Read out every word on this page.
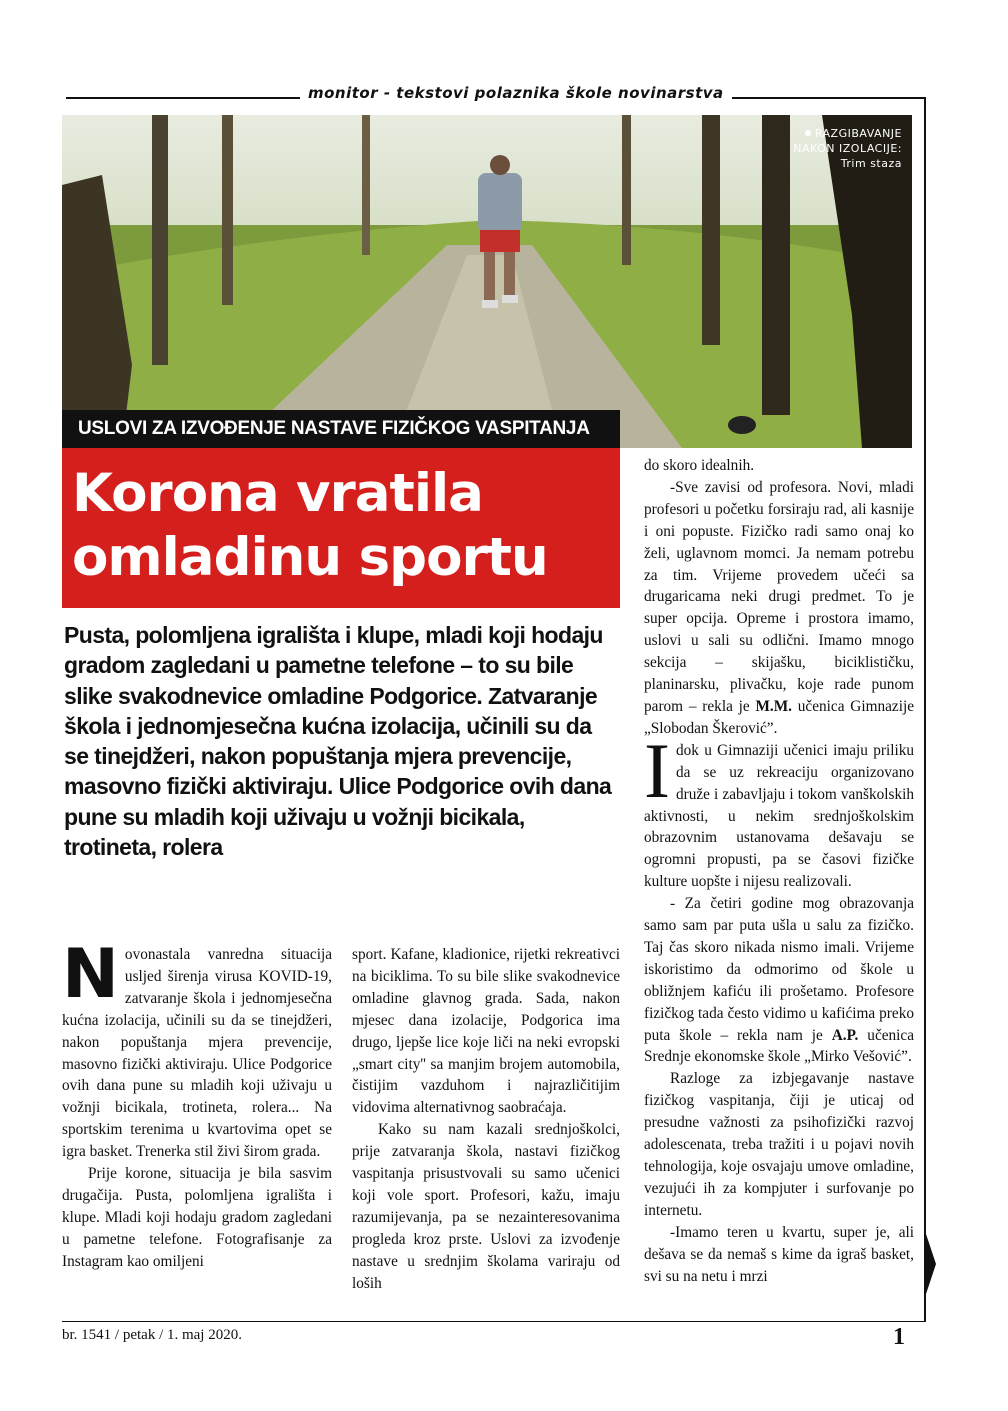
monitor - tekstovi polaznika škole novinarstva
RAZGIBAVANJE
NAKON IZOLACIJE:
Trim staza
USLOVI ZA IZVOĐENJE NASTAVE FIZIČKOG VASPITANJA
Korona vratila
omladinu sportu
Pusta, polomljena igrališta i klupe, mladi koji hodaju gradom zagledani u pametne telefone – to su bile slike svakodnevice omladine Podgorice. Zatvaranje škola i jednomjesečna kućna izolacija, učinili su da se tinejdžeri, nakon popuštanja mjera prevencije, masovno fizički aktiviraju. Ulice Podgorice ovih dana pune su mladih koji uživaju u vožnji bicikala, trotineta, rolera

Novonastala vanredna situacija usljed širenja virusa KOVID-19, zatvaranje škola i jednomjesečna kućna izolacija, učinili su da se tinejdžeri, nakon popuštanja mjera prevencije, masovno fizički aktiviraju. Ulice Podgorice ovih dana pune su mladih koji uživaju u vožnji bicikala, trotineta, rolera... Na sportskim terenima u kvartovima opet se igra basket. Trenerka stil živi širom grada.

Prije korone, situacija je bila sasvim drugačija. Pusta, polomljena igrališta i klupe. Mladi koji hodaju gradom zagledani u pametne telefone. Fotografisanje za Instagram kao omiljeni

sport. Kafane, kladionice, rijetki rekreativci na biciklima. To su bile slike svakodnevice omladine glavnog grada. Sada, nakon mjesec dana izolacije, Podgorica ima drugo, ljepše lice koje liči na neki evropski „smart city'' sa manjim brojem automobila, čistijim vazduhom i najrazličitijim vidovima alternativnog saobraćaja.

Kako su nam kazali srednjoškolci, prije zatvaranja škola, nastavi fizičkog vaspitanja prisustvovali su samo učenici koji vole sport. Profesori, kažu, imaju razumijevanja, pa se nezainteresovanima progleda kroz prste. Uslovi za izvođenje nastave u srednjim školama variraju od loših

do skoro idealnih.

-Sve zavisi od profesora. Novi, mladi profesori u početku forsiraju rad, ali kasnije i oni popuste. Fizičko radi samo onaj ko želi, uglavnom momci. Ja nemam potrebu za tim. Vrijeme provedem učeći sa drugaricama neki drugi predmet. To je super opcija. Opreme i prostora imamo, uslovi u sali su odlični. Imamo mnogo sekcija – skijašku, biciklističku, planinarsku, plivačku, koje rade punom parom – rekla je M.M. učenica Gimnazije „Slobodan Škerović”.

Idok u Gimnaziji učenici imaju priliku da se uz rekreaciju organizovano druže i zabavljaju i tokom vanškolskih aktivnosti, u nekim srednjoškolskim obrazovnim ustanovama dešavaju se ogromni propusti, pa se časovi fizičke kulture uopšte i nijesu realizovali.

- Za četiri godine mog obrazovanja samo sam par puta ušla u salu za fizičko. Taj čas skoro nikada nismo imali. Vrijeme iskoristimo da odmorimo od škole u obližnjem kafiću ili prošetamo. Profesore fizičkog tada često vidimo u kafićima preko puta škole – rekla nam je A.P. učenica Srednje ekonomske škole „Mirko Vešović”.

Razloge za izbjegavanje nastave fizičkog vaspitanja, čiji je uticaj od presudne važnosti za psihofizički razvoj adolescenata, treba tražiti i u pojavi novih tehnologija, koje osvajaju umove omladine, vezujući ih za kompjuter i surfovanje po internetu.

-Imamo teren u kvartu, super je, ali dešava se da nemaš s kime da igraš basket, svi su na netu i mrzi

br. 1541 / petak / 1. maj 2020.	1
